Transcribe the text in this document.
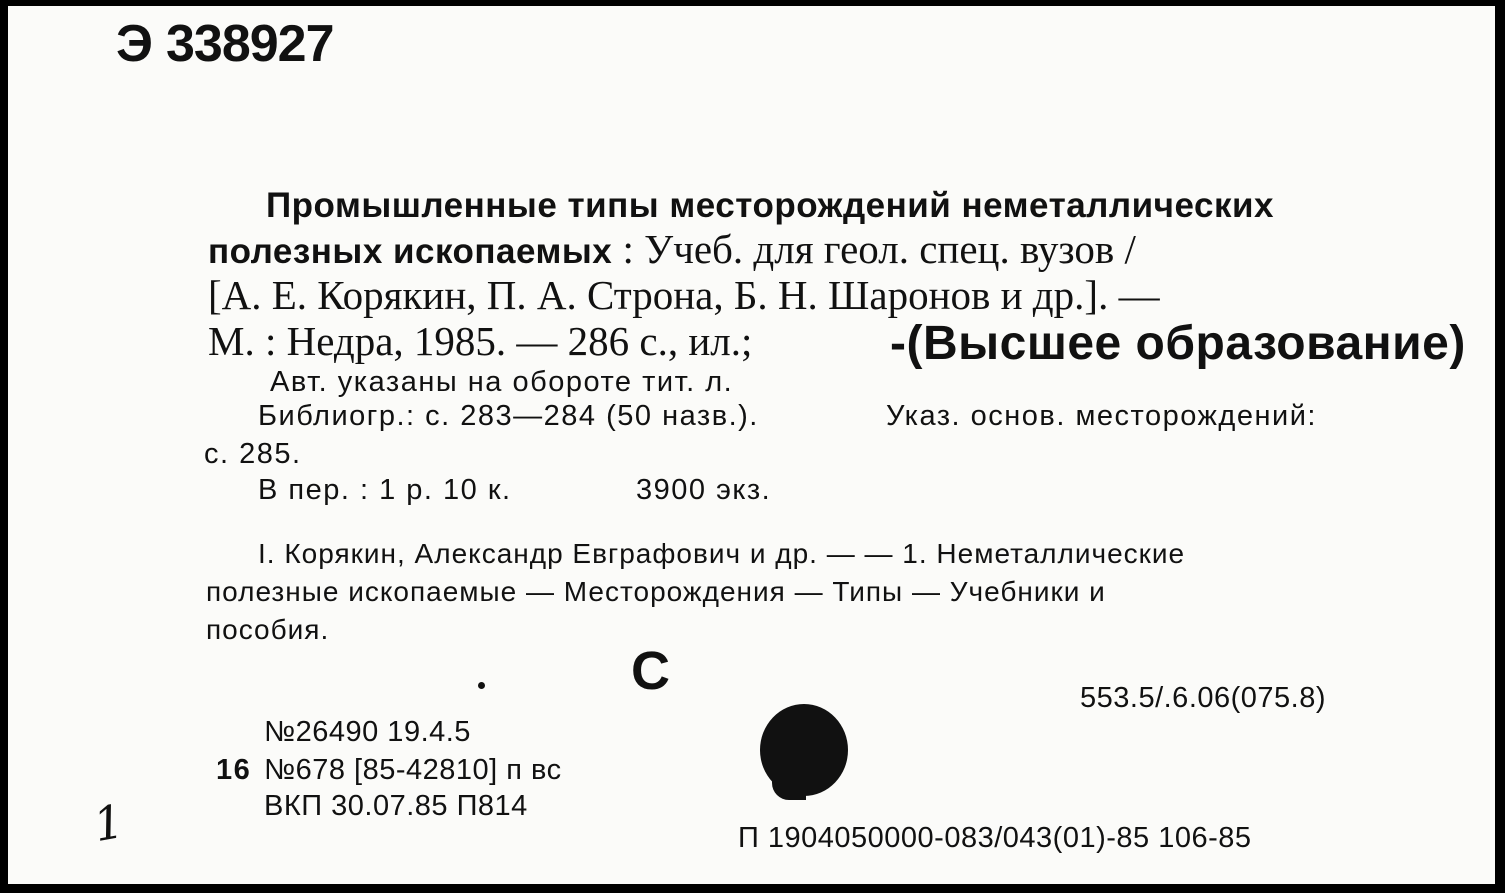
Э 338927
Промышленные типы месторождений неметаллических
полезных ископаемых : Учеб. для геол. спец. вузов /
[А. Е. Корякин, П. А. Строна, Б. Н. Шаронов и др.]. —
М. : Недра, 1985. — 286 с., ил.;	-(Высшее образование)
Авт. указаны на обороте тит. л.
Библиогр.: с. 283—284 (50 назв.).	Указ. основ. месторождений:
с. 285.
В пер. : 1 р. 10 к.	3900 экз.
I. Корякин, Александр Евграфович и др. — — 1. Неметаллические
полезные ископаемые — Месторождения — Типы — Учебники и
пособия.
С	553.5/.6.06(075.8)
№26490 19.4.5
16 №678 [85-42810] п вс
ВКП 30.07.85 П814
1	П 1904050000-083/043(01)-85 106-85
